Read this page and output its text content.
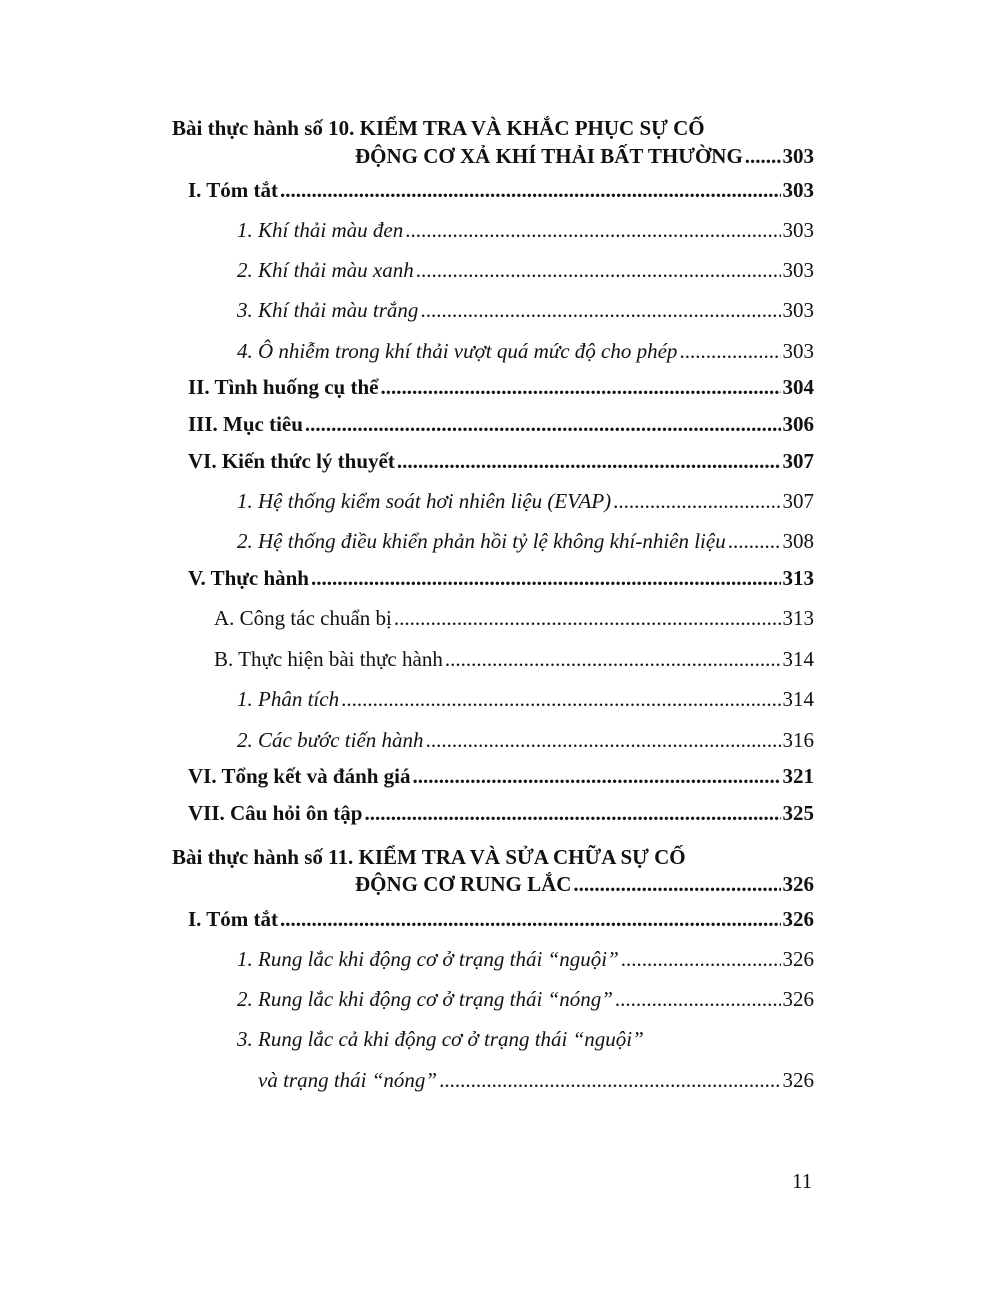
Bài thực hành số 10. KIỂM TRA VÀ KHẮC PHỤC SỰ CỐ
ĐỘNG CƠ XẢ KHÍ THẢI BẤT THƯỜNG ..... 303
I. Tóm tắt .....	303
1. Khí thải màu đen .....	303
2. Khí thải màu xanh .....	303
3. Khí thải màu trắng .....	303
4. Ô nhiễm trong khí thải vượt quá mức độ cho phép .....	303
II. Tình huống cụ thể .....	304
III. Mục tiêu .....	306
VI. Kiến thức lý thuyết .....	307
1. Hệ thống kiểm soát hơi nhiên liệu (EVAP) .....	307
2. Hệ thống điều khiển phản hồi tỷ lệ không khí-nhiên liệu .....	308
V. Thực hành .....	313
A. Công tác chuẩn bị .....	313
B. Thực hiện bài thực hành .....	314
1. Phân tích .....	314
2. Các bước tiến hành .....	316
VI. Tổng kết và đánh giá .....	321
VII. Câu hỏi ôn tập .....	325
Bài thực hành số 11. KIỂM TRA VÀ SỬA CHỮA SỰ CỐ
ĐỘNG CƠ RUNG LẮC .....	326
I. Tóm tắt .....	326
1. Rung lắc khi động cơ ở trạng thái “nguội” .....	326
2. Rung lắc khi động cơ ở trạng thái “nóng” .....	326
3. Rung lắc cả khi động cơ ở trạng thái “nguội”
và trạng thái “nóng” .....	326
11
